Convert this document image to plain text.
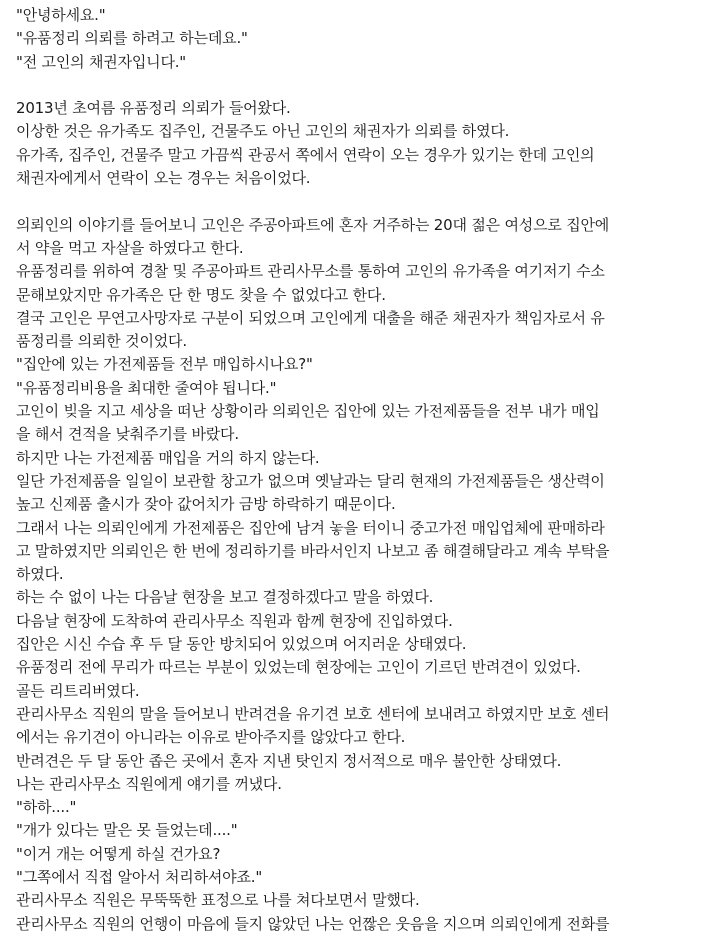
"안녕하세요."

"유품정리 의뢰를 하려고 하는데요."

"전 고인의 채권자입니다."

2013년 초여름 유품정리 의뢰가 들어왔다.

이상한 것은 유가족도 집주인, 건물주도 아닌 고인의 채권자가 의뢰를 하였다.

유가족, 집주인, 건물주 말고 가끔씩 관공서 쪽에서 연락이 오는 경우가 있기는 한데 고인의

채권자에게서 연락이 오는 경우는 처음이었다.

의뢰인의 이야기를 들어보니 고인은 주공아파트에 혼자 거주하는 20대 젊은 여성으로 집안에

서 약을 먹고 자살을 하였다고 한다.

유품정리를 위하여 경찰 및 주공아파트 관리사무소를 통하여 고인의 유가족을 여기저기 수소

문해보았지만 유가족은 단 한 명도 찾을 수 없었다고 한다.

결국 고인은 무연고사망자로 구분이 되었으며 고인에게 대출을 해준 채권자가 책임자로서 유

품정리를 의뢰한 것이었다.

"집안에 있는 가전제품들 전부 매입하시나요?"

"유품정리비용을 최대한 줄여야 됩니다."

고인이 빚을 지고 세상을 떠난 상황이라 의뢰인은 집안에 있는 가전제품들을 전부 내가 매입

을 해서 견적을 낮춰주기를 바랐다.

하지만 나는 가전제품 매입을 거의 하지 않는다.

일단 가전제품을 일일이 보관할 창고가 없으며 옛날과는 달리 현재의 가전제품들은 생산력이

높고 신제품 출시가 잦아 값어치가 금방 하락하기 때문이다.

그래서 나는 의뢰인에게 가전제품은 집안에 남겨 놓을 터이니 중고가전 매입업체에 판매하라

고 말하였지만 의뢰인은 한 번에 정리하기를 바라서인지 나보고 좀 해결해달라고 계속 부탁을

하였다.

하는 수 없이 나는 다음날 현장을 보고 결정하겠다고 말을 하였다.

다음날 현장에 도착하여 관리사무소 직원과 함께 현장에 진입하였다.

집안은 시신 수습 후 두 달 동안 방치되어 있었으며 어지러운 상태였다.

유품정리 전에 무리가 따르는 부분이 있었는데 현장에는 고인이 기르던 반려견이 있었다.

골든 리트리버였다.

관리사무소 직원의 말을 들어보니 반려견을 유기견 보호 센터에 보내려고 하였지만 보호 센터

에서는 유기견이 아니라는 이유로 받아주지를 않았다고 한다.

반려견은 두 달 동안 좁은 곳에서 혼자 지낸 탓인지 정서적으로 매우 불안한 상태였다.

나는 관리사무소 직원에게 얘기를 꺼냈다.

"하하...."

"개가 있다는 말은 못 들었는데...."

"이거 개는 어떻게 하실 건가요?

"그쪽에서 직접 알아서 처리하셔야죠."

관리사무소 직원은 무뚝뚝한 표정으로 나를 쳐다보면서 말했다.

관리사무소 직원의 언행이 마음에 들지 않았던 나는 언짢은 웃음을 지으며 의뢰인에게 전화를
